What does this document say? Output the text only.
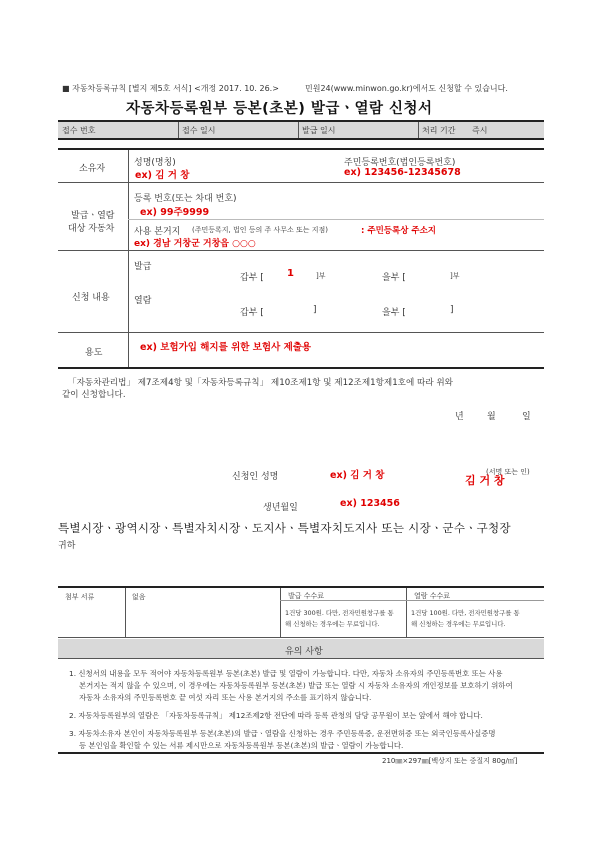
■ 자동차등록규칙 [별지 제5호 서식] <개정 2017. 10. 26.>	민원24(www.minwon.go.kr)에서도 신청할 수 있습니다.
자동차등록원부 등본(초본) 발급ㆍ열람 신청서
접수 번호	접수 일시	발급 일시	처리 기간 즉시
소유자
성명(명칭)
ex) 김 거 창
주민등록번호(법인등록번호)
ex) 123456-12345678
발급ㆍ열람
대상 자동차
등록 번호(또는 차대 번호)
ex) 99주9999
사용 본거지 (주민등록지, 법인 등의 주 사무소 또는 지점)	: 주민등록상 주소지
ex) 경남 거창군 거창읍 ○○○
신청 내용
발급
갑부 [ 1	]부	을부 [	]부
열람
갑부 [	]	을부 [	]
용도	ex) 보험가입 해지를 위한 보험사 제출용
「자동차관리법」 제7조제4항 및「자동차등록규칙」 제10조제1항 및 제12조제1항제1호에 따라 위와
같이 신청합니다.
년	월	일
신청인 성명	ex) 김 거 창	김 거 창
(서명 또는 인)
생년월일	ex) 123456
특별시장ㆍ광역시장ㆍ특별자치시장ㆍ도지사ㆍ특별자치도지사 또는 시장ㆍ군수ㆍ구청장
귀하
첨부 서류	없음	발급 수수료	열람 수수료
1건당 300원. 다만, 전자민원창구를 통
해 신청하는 경우에는 무료입니다.
1건당 100원. 다만, 전자민원창구를 통
해 신청하는 경우에는 무료입니다.
유의 사항
1. 신청서의 내용을 모두 적어야 자동차등록원부 등본(초본) 발급 및 열람이 가능합니다. 다만, 자동차 소유자의 주민등록번호 또는 사용
본거지는 적지 않을 수 있으며, 이 경우에는 자동차등록원부 등본(초본) 발급 또는 열람 시 자동차 소유자의 개인정보를 보호하기 위하여
자동차 소유자의 주민등록번호 끝 여섯 자리 또는 사용 본거지의 주소를 표기하지 않습니다.
2. 자동차등록원부의 열람은 「자동차등록규칙」 제12조제2항 전단에 따라 등록 관청의 담당 공무원이 보는 앞에서 해야 합니다.
3. 자동차소유자 본인이 자동차등록원부 등본(초본)의 발급ㆍ열람을 신청하는 경우 주민등록증, 운전면허증 또는 외국인등록사실증명
등 본인임을 확인할 수 있는 서류 제시만으로 자동차등록원부 등본(초본)의 발급ㆍ열람이 가능합니다.
210㎜×297㎜[백상지 또는 중질지 80g/㎡]
